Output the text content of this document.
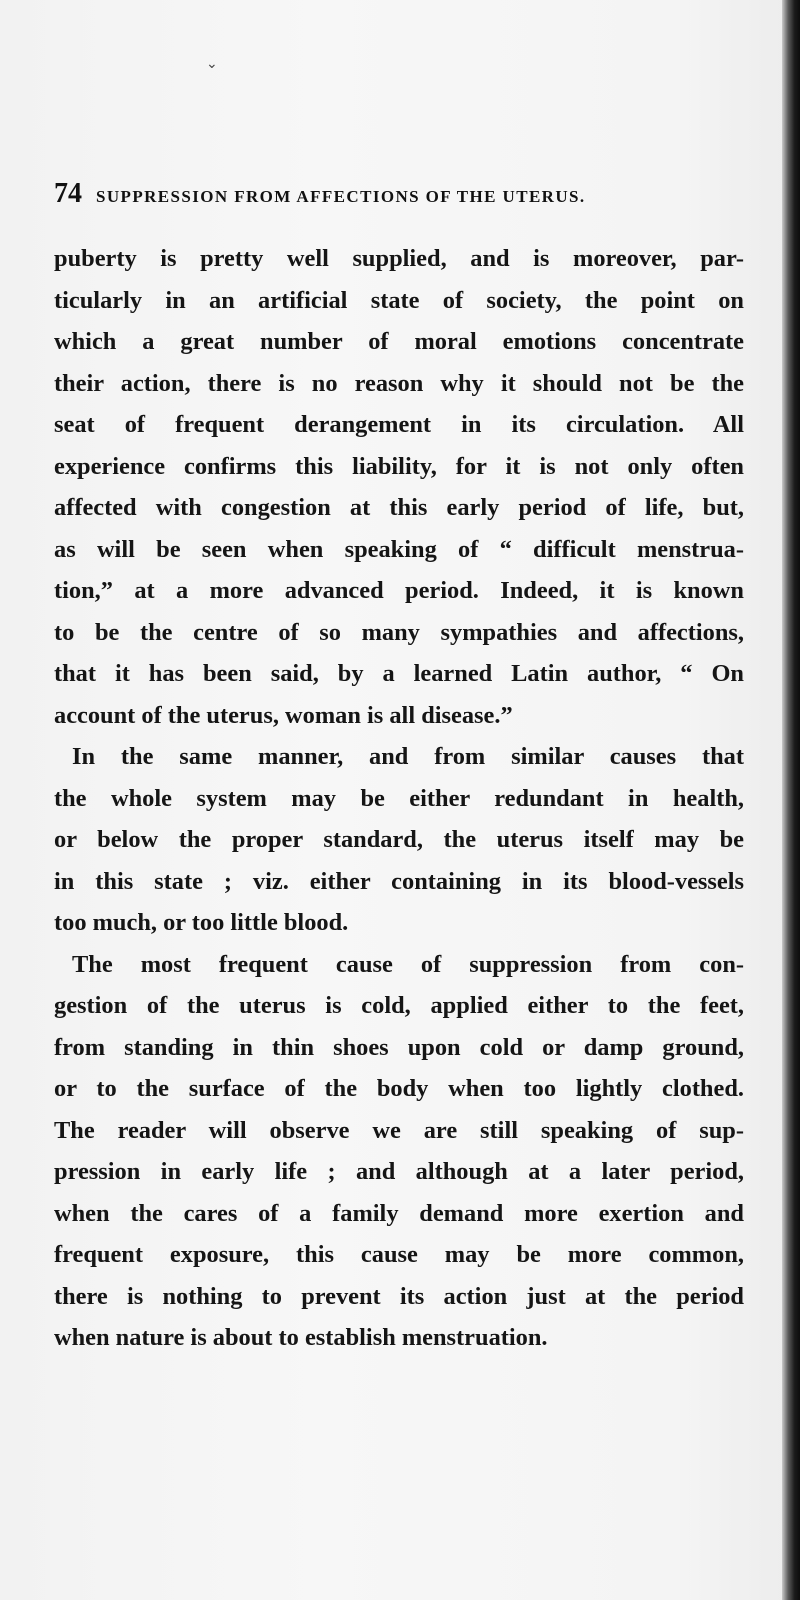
⌄
74 SUPPRESSION FROM AFFECTIONS OF THE UTERUS.
puberty is pretty well supplied, and is moreover, par-
ticularly in an artificial state of society, the point on
which a great number of moral emotions concentrate
their action, there is no reason why it should not be the
seat of frequent derangement in its circulation. All
experience confirms this liability, for it is not only often
affected with congestion at this early period of life, but,
as will be seen when speaking of “ difficult menstrua-
tion,” at a more advanced period. Indeed, it is known
to be the centre of so many sympathies and affections,
that it has been said, by a learned Latin author, “ On
account of the uterus, woman is all disease.”
In the same manner, and from similar causes that
the whole system may be either redundant in health,
or below the proper standard, the uterus itself may be
in this state ; viz. either containing in its blood-vessels
too much, or too little blood.
The most frequent cause of suppression from con-
gestion of the uterus is cold, applied either to the feet,
from standing in thin shoes upon cold or damp ground,
or to the surface of the body when too lightly clothed.
The reader will observe we are still speaking of sup-
pression in early life ; and although at a later period,
when the cares of a family demand more exertion and
frequent exposure, this cause may be more common,
there is nothing to prevent its action just at the period
when nature is about to establish menstruation.
